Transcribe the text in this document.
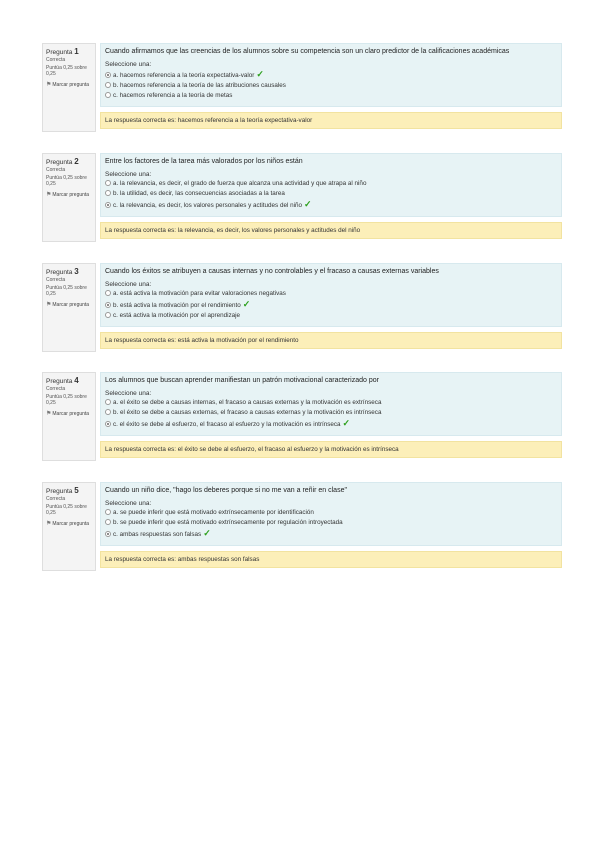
Pregunta 1
Correcta
Puntúa 0,25 sobre 0,25
⚑Marcar pregunta
Cuando afirmamos que las creencias de los alumnos sobre su competencia son un claro predictor de la calificaciones académicas
Seleccione una:
a. hacemos referencia a la teoría expectativa-valor ✓
b. hacemos referencia a la teoría de las atribuciones causales
c. hacemos referencia a la teoría de metas
La respuesta correcta es: hacemos referencia a la teoría expectativa-valor
Pregunta 2
Correcta
Puntúa 0,25 sobre 0,25
⚑Marcar pregunta
Entre los factores de la tarea más valorados por los niños están
Seleccione una:
a. la relevancia, es decir, el grado de fuerza que alcanza una actividad y que atrapa al niño
b. la utilidad, es decir, las consecuencias asociadas a la tarea
c. la relevancia, es decir, los valores personales y actitudes del niño ✓
La respuesta correcta es: la relevancia, es decir, los valores personales y actitudes del niño
Pregunta 3
Correcta
Puntúa 0,25 sobre 0,25
⚑Marcar pregunta
Cuando los éxitos se atribuyen a causas internas y no controlables y el fracaso a causas externas variables
Seleccione una:
a. está activa la motivación para evitar valoraciones negativas
b. está activa la motivación por el rendimiento ✓
c. está activa la motivación por el aprendizaje
La respuesta correcta es: está activa la motivación por el rendimiento
Pregunta 4
Correcta
Puntúa 0,25 sobre 0,25
⚑Marcar pregunta
Los alumnos que buscan aprender manifiestan un patrón motivacional caracterizado por
Seleccione una:
a. el éxito se debe a causas internas, el fracaso a causas externas y la motivación es extrínseca
b. el éxito se debe a causas externas, el fracaso a causas externas y la motivación es intrínseca
c. el éxito se debe al esfuerzo, el fracaso al esfuerzo y la motivación es intrínseca ✓
La respuesta correcta es: el éxito se debe al esfuerzo, el fracaso al esfuerzo y la motivación es intrínseca
Pregunta 5
Correcta
Puntúa 0,25 sobre 0,25
⚑Marcar pregunta
Cuando un niño dice, "hago los deberes porque si no me van a reñir en clase"
Seleccione una:
a. se puede inferir que está motivado extrínsecamente por identificación
b. se puede inferir que está motivado extrínsecamente por regulación introyectada
c. ambas respuestas son falsas ✓
La respuesta correcta es: ambas respuestas son falsas
